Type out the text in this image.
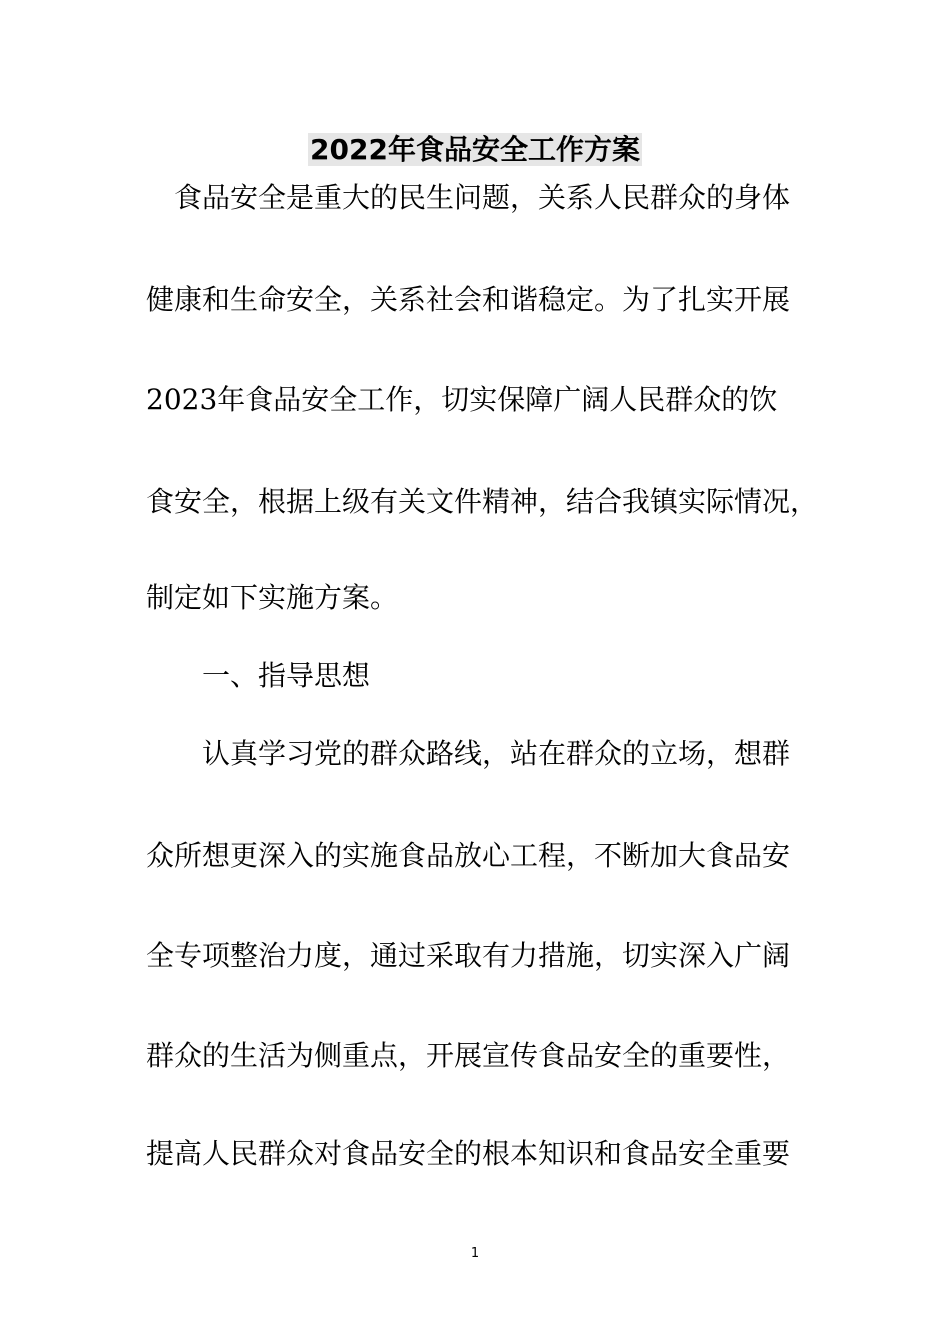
2022年食品安全工作方案
食品安全是重大的民生问题，关系人民群众的身体
健康和生命安全，关系社会和谐稳定。为了扎实开展
2023年食品安全工作，切实保障广阔人民群众的饮
食安全，根据上级有关文件精神，结合我镇实际情况，
制定如下实施方案。
一、指导思想
认真学习党的群众路线，站在群众的立场，想群
众所想更深入的实施食品放心工程，不断加大食品安
全专项整治力度，通过采取有力措施，切实深入广阔
群众的生活为侧重点，开展宣传食品安全的重要性，
提高人民群众对食品安全的根本知识和食品安全重要
1
